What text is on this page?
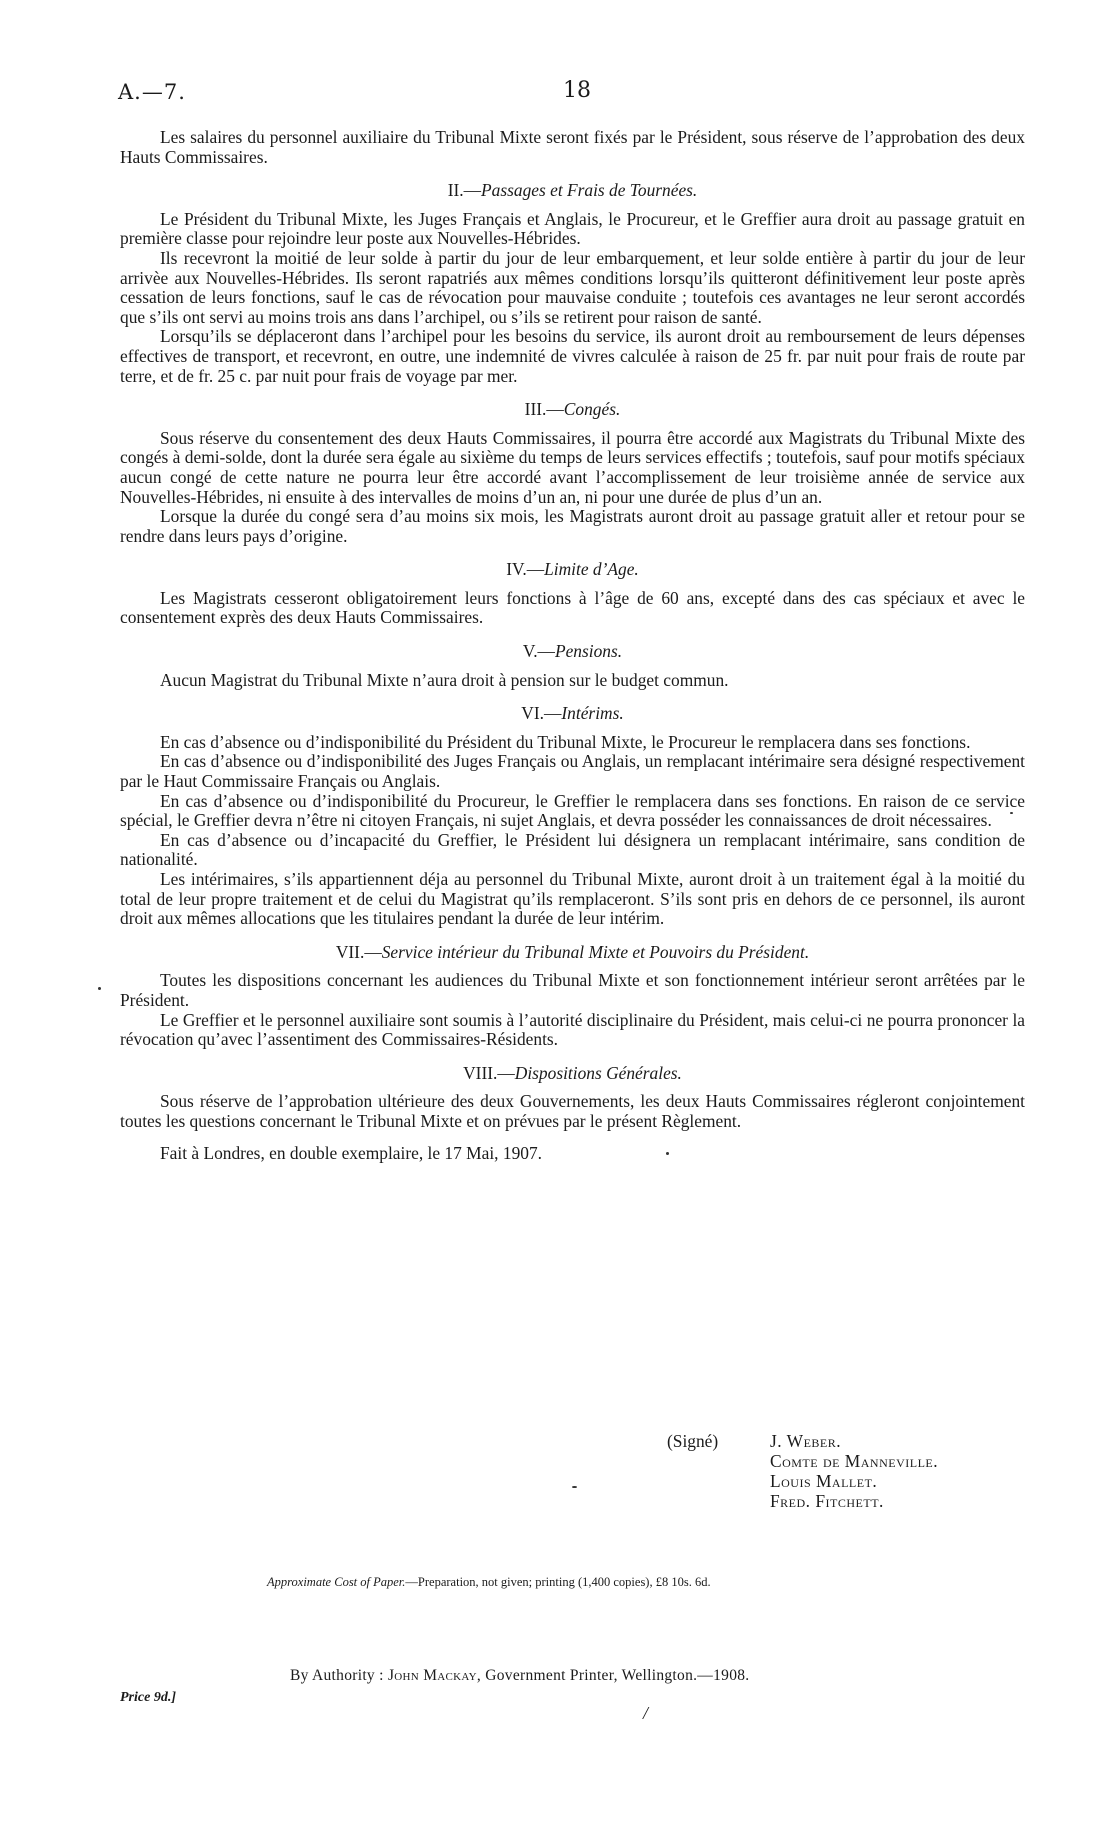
A.—7.	18

Les salaires du personnel auxiliaire du Tribunal Mixte seront fixés par le Président, sous réserve de l’approbation des deux Hauts Commissaires.

II.—Passages et Frais de Tournées.

Le Président du Tribunal Mixte, les Juges Français et Anglais, le Procureur, et le Greffier aura droit au passage gratuit en première classe pour rejoindre leur poste aux Nouvelles-Hébrides.

Ils recevront la moitié de leur solde à partir du jour de leur embarquement, et leur solde entière à partir du jour de leur arrivèe aux Nouvelles-Hébrides. Ils seront rapatriés aux mêmes conditions lorsqu’ils quitteront définitivement leur poste après cessation de leurs fonctions, sauf le cas de révocation pour mauvaise conduite ; toutefois ces avantages ne leur seront accordés que s’ils ont servi au moins trois ans dans l’archipel, ou s’ils se retirent pour raison de santé.

Lorsqu’ils se déplaceront dans l’archipel pour les besoins du service, ils auront droit au remboursement de leurs dépenses effectives de transport, et recevront, en outre, une indemnité de vivres calculée à raison de 25 fr. par nuit pour frais de route par terre, et de fr. 25 c. par nuit pour frais de voyage par mer.

III.—Congés.

Sous réserve du consentement des deux Hauts Commissaires, il pourra être accordé aux Magistrats du Tribunal Mixte des congés à demi-solde, dont la durée sera égale au sixième du temps de leurs services effectifs ; toutefois, sauf pour motifs spéciaux aucun congé de cette nature ne pourra leur être accordé avant l’accomplissement de leur troisième année de service aux Nouvelles-Hébrides, ni ensuite à des intervalles de moins d’un an, ni pour une durée de plus d’un an.

Lorsque la durée du congé sera d’au moins six mois, les Magistrats auront droit au passage gratuit aller et retour pour se rendre dans leurs pays d’origine.

IV.—Limite d’Age.

Les Magistrats cesseront obligatoirement leurs fonctions à l’âge de 60 ans, excepté dans des cas spéciaux et avec le consentement exprès des deux Hauts Commissaires.

V.—Pensions.

Aucun Magistrat du Tribunal Mixte n’aura droit à pension sur le budget commun.

VI.—Intérims.

En cas d’absence ou d’indisponibilité du Président du Tribunal Mixte, le Procureur le remplacera dans ses fonctions.

En cas d’absence ou d’indisponibilité des Juges Français ou Anglais, un remplacant intérimaire sera désigné respectivement par le Haut Commissaire Français ou Anglais.

En cas d’absence ou d’indisponibilité du Procureur, le Greffier le remplacera dans ses fonctions. En raison de ce service spécial, le Greffier devra n’être ni citoyen Français, ni sujet Anglais, et devra posséder les connaissances de droit nécessaires.

En cas d’absence ou d’incapacité du Greffier, le Président lui désignera un remplacant intérimaire, sans condition de nationalité.

Les intérimaires, s’ils appartiennent déja au personnel du Tribunal Mixte, auront droit à un traitement égal à la moitié du total de leur propre traitement et de celui du Magistrat qu’ils remplaceront. S’ils sont pris en dehors de ce personnel, ils auront droit aux mêmes allocations que les titulaires pendant la durée de leur intérim.

VII.—Service intérieur du Tribunal Mixte et Pouvoirs du Président.

Toutes les dispositions concernant les audiences du Tribunal Mixte et son fonctionnement intérieur seront arrêtées par le Président.

Le Greffier et le personnel auxiliaire sont soumis à l’autorité disciplinaire du Président, mais celui-ci ne pourra prononcer la révocation qu’avec l’assentiment des Commissaires-Résidents.

VIII.—Dispositions Générales.

Sous réserve de l’approbation ultérieure des deux Gouvernements, les deux Hauts Commissaires régleront conjointement toutes les questions concernant le Tribunal Mixte et on prévues par le présent Règlement.

Fait à Londres, en double exemplaire, le 17 Mai, 1907.

(Signé)	J. Weber.
Comte de Manneville.
Louis Mallet.
Fred. Fitchett.
Approximate Cost of Paper.—Preparation, not given; printing (1,400 copies), £8 10s. 6d.
By Authority : John Mackay, Government Printer, Wellington.—1908.
Price 9d.]
/
